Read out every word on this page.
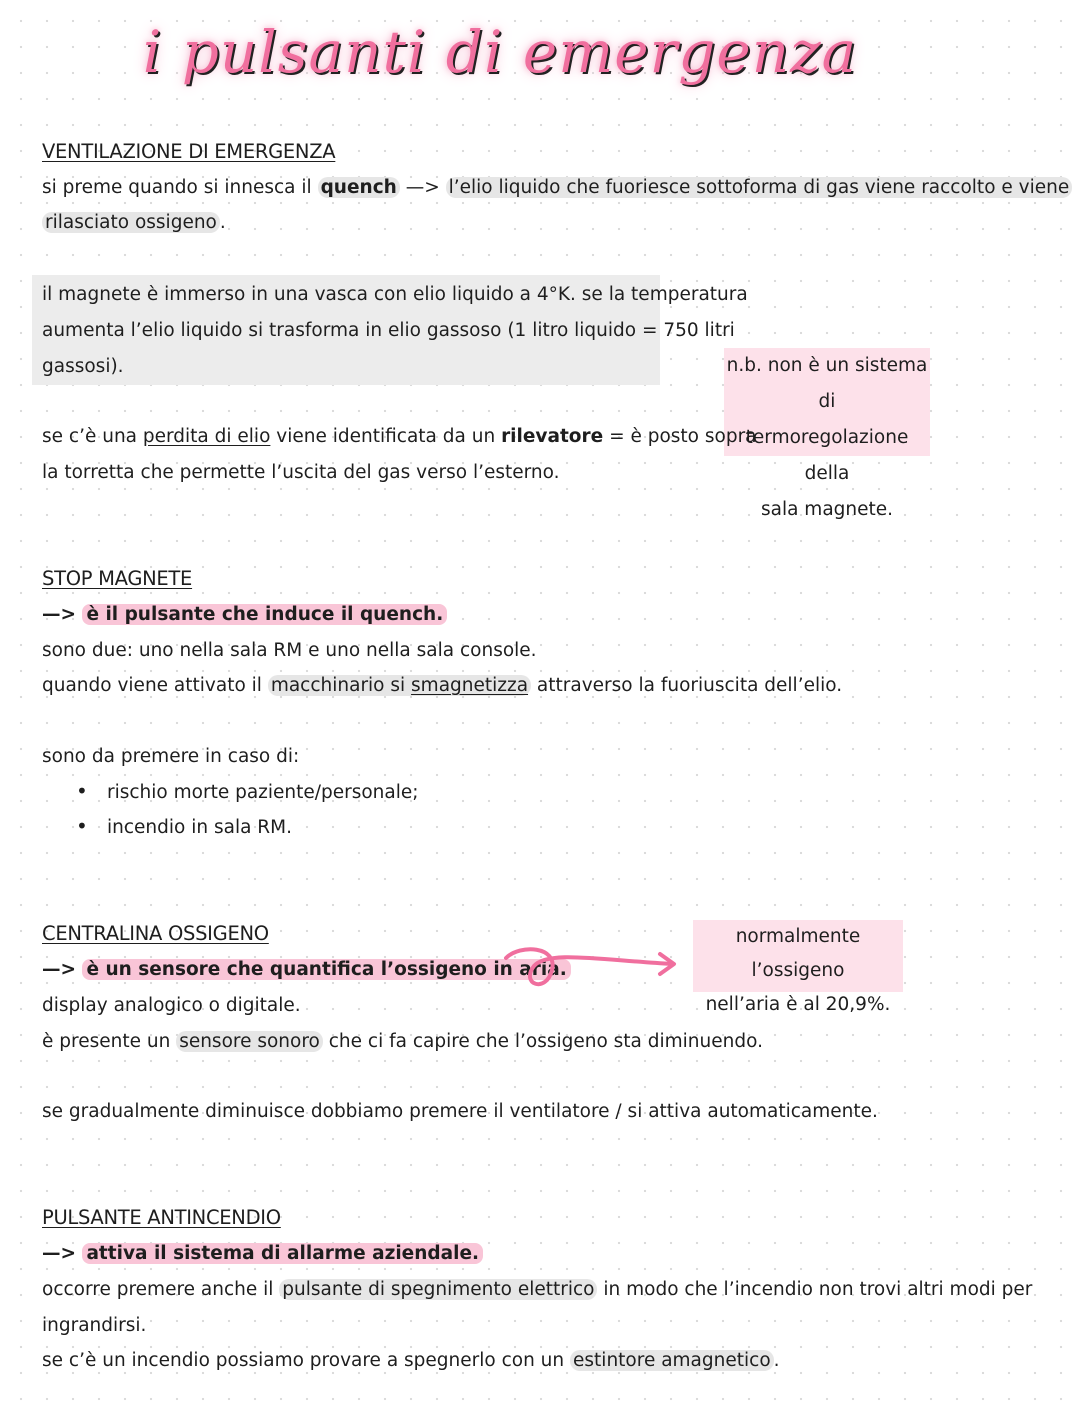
i pulsanti di emergenza
VENTILAZIONE DI EMERGENZA
si preme quando si innesca il quench —> l’elio liquido che fuoriesce sottoforma di gas viene raccolto e viene
rilasciato ossigeno .
il magnete è immerso in una vasca con elio liquido a 4°K. se la temperatura
aumenta l’elio liquido si trasforma in elio gassoso (1 litro liquido = 750 litri
gassosi).	n.b. non è un sistema di
termoregolazione della
sala magnete.
se c’è una perdita di elio viene identificata da un rilevatore = è posto sopra
la torretta che permette l’uscita del gas verso l’esterno.
STOP MAGNETE
—> è il pulsante che induce il quench.
sono due: uno nella sala RM e uno nella sala console.
quando viene attivato il macchinario si smagnetizza attraverso la fuoriuscita dell’elio.
sono da premere in caso di:
• rischio morte paziente/personale;
• incendio in sala RM.
CENTRALINA OSSIGENO
—> è un sensore che quantifica l’ossigeno in aria.
normalmente l’ossigeno
nell’aria è al 20,9%.
display analogico o digitale.
è presente un sensore sonoro che ci fa capire che l’ossigeno sta diminuendo.
se gradualmente diminuisce dobbiamo premere il ventilatore / si attiva automaticamente.
PULSANTE ANTINCENDIO
—> attiva il sistema di allarme aziendale.
occorre premere anche il pulsante di spegnimento elettrico in modo che l’incendio non trovi altri modi per
ingrandirsi.
se c’è un incendio possiamo provare a spegnerlo con un estintore amagnetico .
